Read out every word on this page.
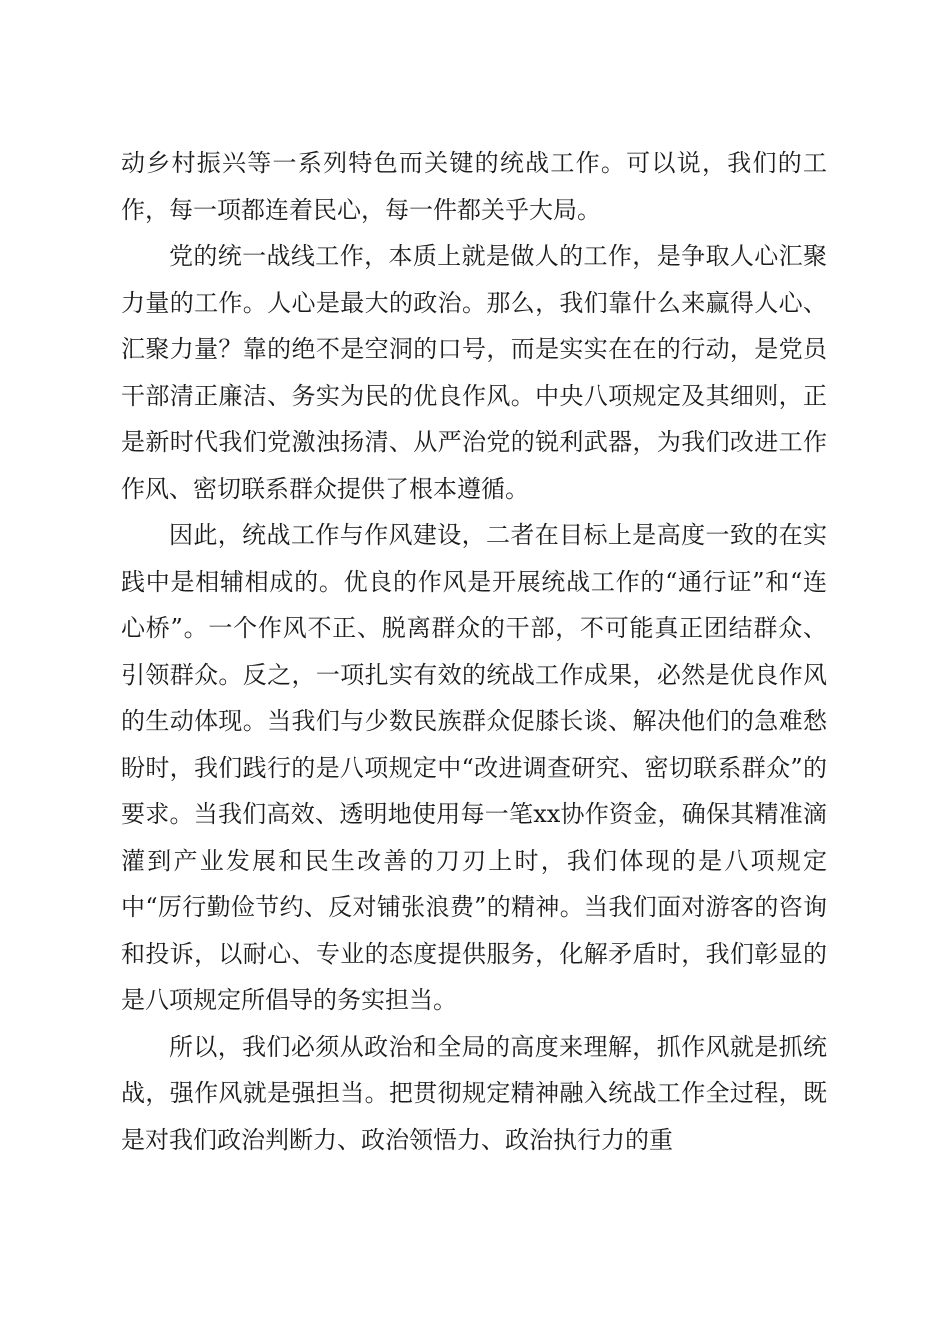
动乡村振兴等一系列特色而关键的统战工作。可以说，我们的工作，每一项都连着民心，每一件都关乎大局。

党的统一战线工作，本质上就是做人的工作，是争取人心汇聚力量的工作。人心是最大的政治。那么，我们靠什么来赢得人心、汇聚力量？靠的绝不是空洞的口号，而是实实在在的行动，是党员干部清正廉洁、务实为民的优良作风。中央八项规定及其细则，正是新时代我们党激浊扬清、从严治党的锐利武器，为我们改进工作作风、密切联系群众提供了根本遵循。

因此，统战工作与作风建设，二者在目标上是高度一致的在实践中是相辅相成的。优良的作风是开展统战工作的“通行证”和“连心桥”。一个作风不正、脱离群众的干部，不可能真正团结群众、引领群众。反之，一项扎实有效的统战工作成果，必然是优良作风的生动体现。当我们与少数民族群众促膝长谈、解决他们的急难愁盼时，我们践行的是八项规定中“改进调查研究、密切联系群众”的要求。当我们高效、透明地使用每一笔xx协作资金，确保其精准滴灌到产业发展和民生改善的刀刃上时，我们体现的是八项规定中“厉行勤俭节约、反对铺张浪费”的精神。当我们面对游客的咨询和投诉，以耐心、专业的态度提供服务，化解矛盾时，我们彰显的是八项规定所倡导的务实担当。

所以，我们必须从政治和全局的高度来理解，抓作风就是抓统战，强作风就是强担当。把贯彻规定精神融入统战工作全过程，既是对我们政治判断力、政治领悟力、政治执行力的重
